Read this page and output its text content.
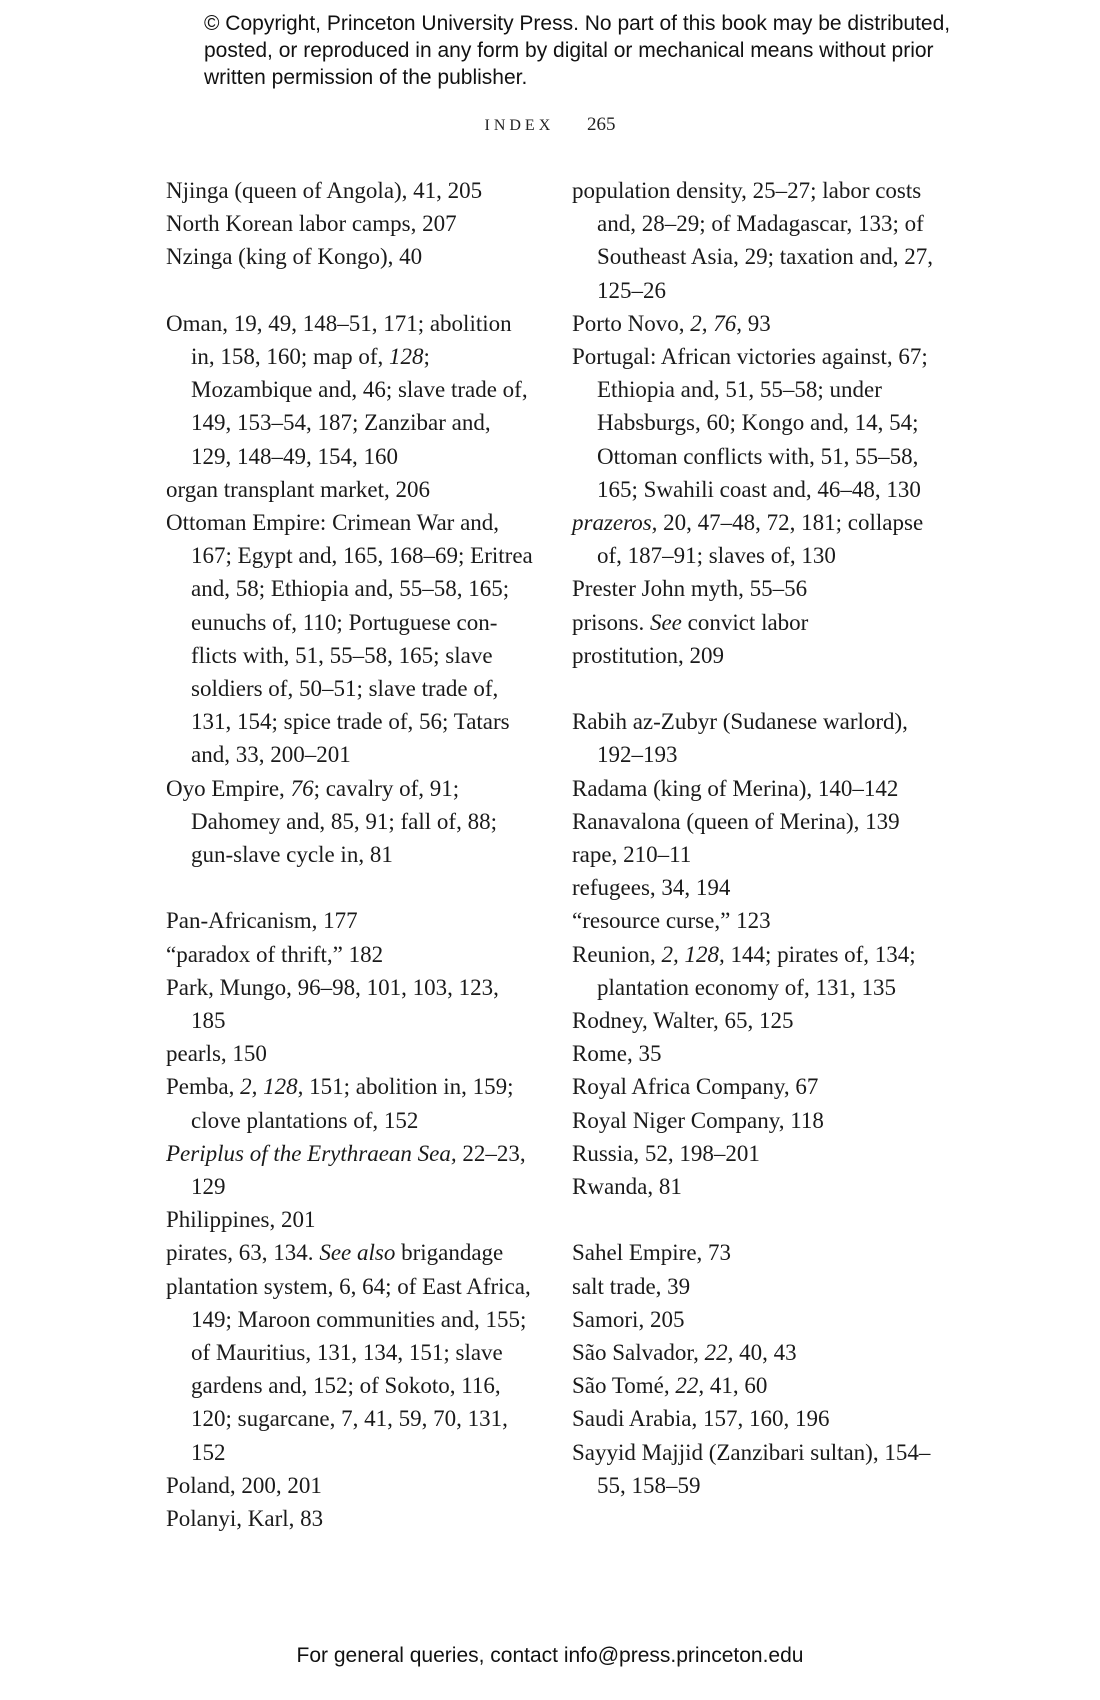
© Copyright, Princeton University Press. No part of this book may be distributed, posted, or reproduced in any form by digital or mechanical means without prior written permission of the publisher.
INDEX 265
Njinga (queen of Angola), 41, 205
North Korean labor camps, 207
Nzinga (king of Kongo), 40
Oman, 19, 49, 148–51, 171; abolition in, 158, 160; map of, 128; Mozambique and, 46; slave trade of, 149, 153–54, 187; Zanzibar and, 129, 148–49, 154, 160
organ transplant market, 206
Ottoman Empire: Crimean War and, 167; Egypt and, 165, 168–69; Eritrea and, 58; Ethiopia and, 55–58, 165; eunuchs of, 110; Portuguese con-flicts with, 51, 55–58, 165; slave soldiers of, 50–51; slave trade of, 131, 154; spice trade of, 56; Tatars and, 33, 200–201
Oyo Empire, 76; cavalry of, 91; Dahomey and, 85, 91; fall of, 88; gun-slave cycle in, 81
Pan-Africanism, 177
“paradox of thrift,” 182
Park, Mungo, 96–98, 101, 103, 123, 185
pearls, 150
Pemba, 2, 128, 151; abolition in, 159; clove plantations of, 152
Periplus of the Erythraean Sea, 22–23, 129
Philippines, 201
pirates, 63, 134. See also brigandage
plantation system, 6, 64; of East Africa, 149; Maroon communities and, 155; of Mauritius, 131, 134, 151; slave gardens and, 152; of Sokoto, 116, 120; sugarcane, 7, 41, 59, 70, 131, 152
Poland, 200, 201
Polanyi, Karl, 83
population density, 25–27; labor costs and, 28–29; of Madagascar, 133; of Southeast Asia, 29; taxation and, 27, 125–26
Porto Novo, 2, 76, 93
Portugal: African victories against, 67; Ethiopia and, 51, 55–58; under Habsburgs, 60; Kongo and, 14, 54; Ottoman conflicts with, 51, 55–58, 165; Swahili coast and, 46–48, 130
prazeros, 20, 47–48, 72, 181; collapse of, 187–91; slaves of, 130
Prester John myth, 55–56
prisons. See convict labor
prostitution, 209
Rabih az-Zubyr (Sudanese warlord), 192–193
Radama (king of Merina), 140–142
Ranavalona (queen of Merina), 139
rape, 210–11
refugees, 34, 194
“resource curse,” 123
Reunion, 2, 128, 144; pirates of, 134; plantation economy of, 131, 135
Rodney, Walter, 65, 125
Rome, 35
Royal Africa Company, 67
Royal Niger Company, 118
Russia, 52, 198–201
Rwanda, 81
Sahel Empire, 73
salt trade, 39
Samori, 205
São Salvador, 22, 40, 43
São Tomé, 22, 41, 60
Saudi Arabia, 157, 160, 196
Sayyid Majjid (Zanzibari sultan), 154–55, 158–59
For general queries, contact info@press.princeton.edu
